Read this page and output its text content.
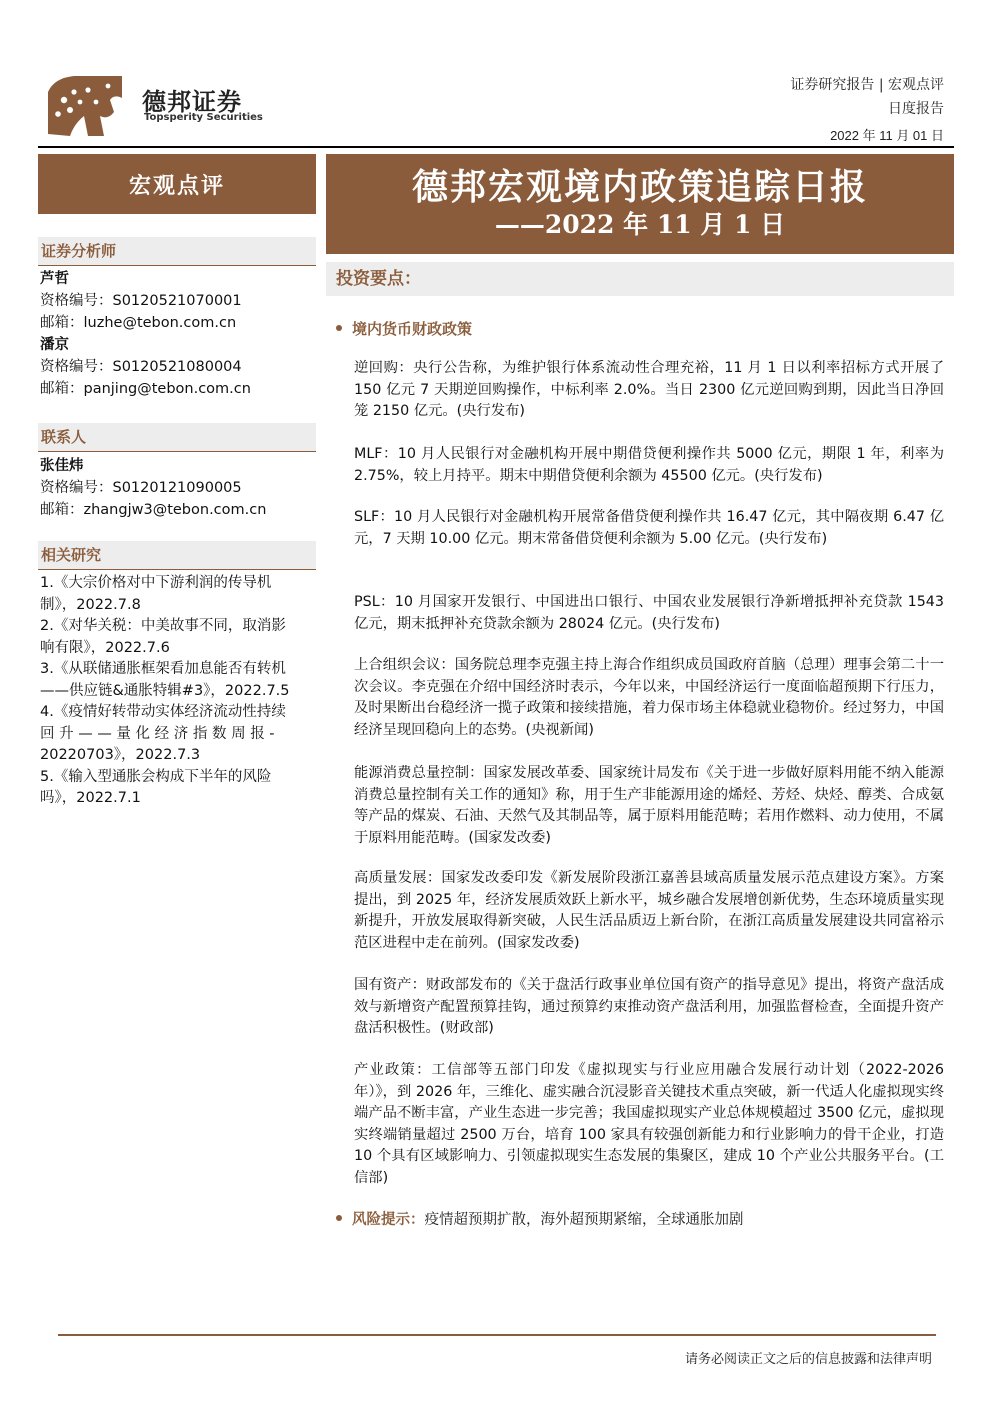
德邦证券
Topsperity Securities
证券研究报告 | 宏观点评
日度报告
2022 年 11 月 01 日
宏观点评
证券分析师
芦哲
资格编号：S0120521070001
邮箱：luzhe@tebon.com.cn
潘京
资格编号：S0120521080004
邮箱：panjing@tebon.com.cn
联系人
张佳炜
资格编号：S0120121090005
邮箱：zhangjw3@tebon.com.cn
相关研究
1.《大宗价格对中下游利润的传导机
制》，2022.7.8
2.《对华关税：中美故事不同，取消影
响有限》，2022.7.6
3.《从联储通胀框架看加息能否有转机
——供应链&通胀特辑#3》，2022.7.5
4.《疫情好转带动实体经济流动性持续
回 升 — — 量 化 经 济 指 数 周 报 -
20220703》，2022.7.3
5.《输入型通胀会构成下半年的风险
吗》，2022.7.1
德邦宏观境内政策追踪日报
——2022 年 11 月 1 日
投资要点：
境内货币财政政策
逆回购：央行公告称，为维护银行体系流动性合理充裕，11 月 1 日以利率招标方式开展了 150 亿元 7 天期逆回购操作，中标利率 2.0%。当日 2300 亿元逆回购到期，因此当日净回笼 2150 亿元。(央行发布)
MLF：10 月人民银行对金融机构开展中期借贷便利操作共 5000 亿元，期限 1 年，利率为 2.75%，较上月持平。期末中期借贷便利余额为 45500 亿元。(央行发布)
SLF：10 月人民银行对金融机构开展常备借贷便利操作共 16.47 亿元，其中隔夜期 6.47 亿元，7 天期 10.00 亿元。期末常备借贷便利余额为 5.00 亿元。(央行发布)
PSL：10 月国家开发银行、中国进出口银行、中国农业发展银行净新增抵押补充贷款 1543 亿元，期末抵押补充贷款余额为 28024 亿元。(央行发布)
上合组织会议：国务院总理李克强主持上海合作组织成员国政府首脑（总理）理事会第二十一次会议。李克强在介绍中国经济时表示，今年以来，中国经济运行一度面临超预期下行压力，及时果断出台稳经济一揽子政策和接续措施，着力保市场主体稳就业稳物价。经过努力，中国经济呈现回稳向上的态势。(央视新闻)
能源消费总量控制：国家发展改革委、国家统计局发布《关于进一步做好原料用能不纳入能源消费总量控制有关工作的通知》称，用于生产非能源用途的烯烃、芳烃、炔烃、醇类、合成氨等产品的煤炭、石油、天然气及其制品等，属于原料用能范畴；若用作燃料、动力使用，不属于原料用能范畴。(国家发改委)
高质量发展：国家发改委印发《新发展阶段浙江嘉善县域高质量发展示范点建设方案》。方案提出，到 2025 年，经济发展质效跃上新水平，城乡融合发展增创新优势，生态环境质量实现新提升，开放发展取得新突破，人民生活品质迈上新台阶，在浙江高质量发展建设共同富裕示范区进程中走在前列。(国家发改委)
国有资产：财政部发布的《关于盘活行政事业单位国有资产的指导意见》提出，将资产盘活成效与新增资产配置预算挂钩，通过预算约束推动资产盘活利用，加强监督检查，全面提升资产盘活积极性。(财政部)
产业政策：工信部等五部门印发《虚拟现实与行业应用融合发展行动计划（2022-2026 年）》，到 2026 年，三维化、虚实融合沉浸影音关键技术重点突破，新一代适人化虚拟现实终端产品不断丰富，产业生态进一步完善；我国虚拟现实产业总体规模超过 3500 亿元，虚拟现实终端销量超过 2500 万台，培育 100 家具有较强创新能力和行业影响力的骨干企业，打造 10 个具有区域影响力、引领虚拟现实生态发展的集聚区，建成 10 个产业公共服务平台。(工信部)
风险提示：疫情超预期扩散，海外超预期紧缩，全球通胀加剧
请务必阅读正文之后的信息披露和法律声明
